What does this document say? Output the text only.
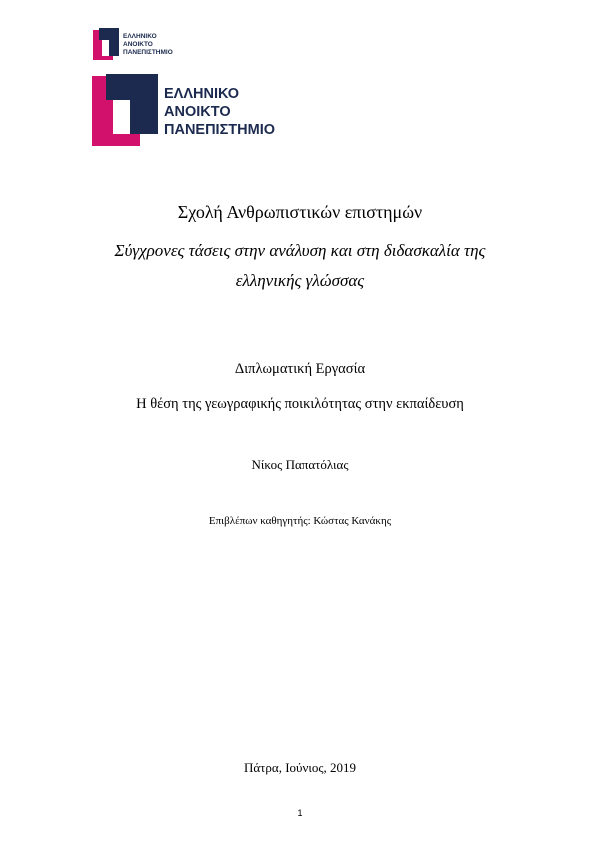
ΕΛΛΗΝΙΚΟ
ΑΝΟΙΚΤΟ
ΠΑΝΕΠΙΣΤΗΜΙΟ
ΕΛΛΗΝΙΚΟ
ΑΝΟΙΚΤΟ
ΠΑΝΕΠΙΣΤΗΜΙΟ
Σχολή Ανθρωπιστικών επιστημών
Σύγχρονες τάσεις στην ανάλυση και στη διδασκαλία της
ελληνικής γλώσσας
Διπλωματική Εργασία
Η θέση της γεωγραφικής ποικιλότητας στην εκπαίδευση
Νίκος Παπατόλιας
Επιβλέπων καθηγητής: Κώστας Κανάκης
Πάτρα, Ιούνιος, 2019
1
